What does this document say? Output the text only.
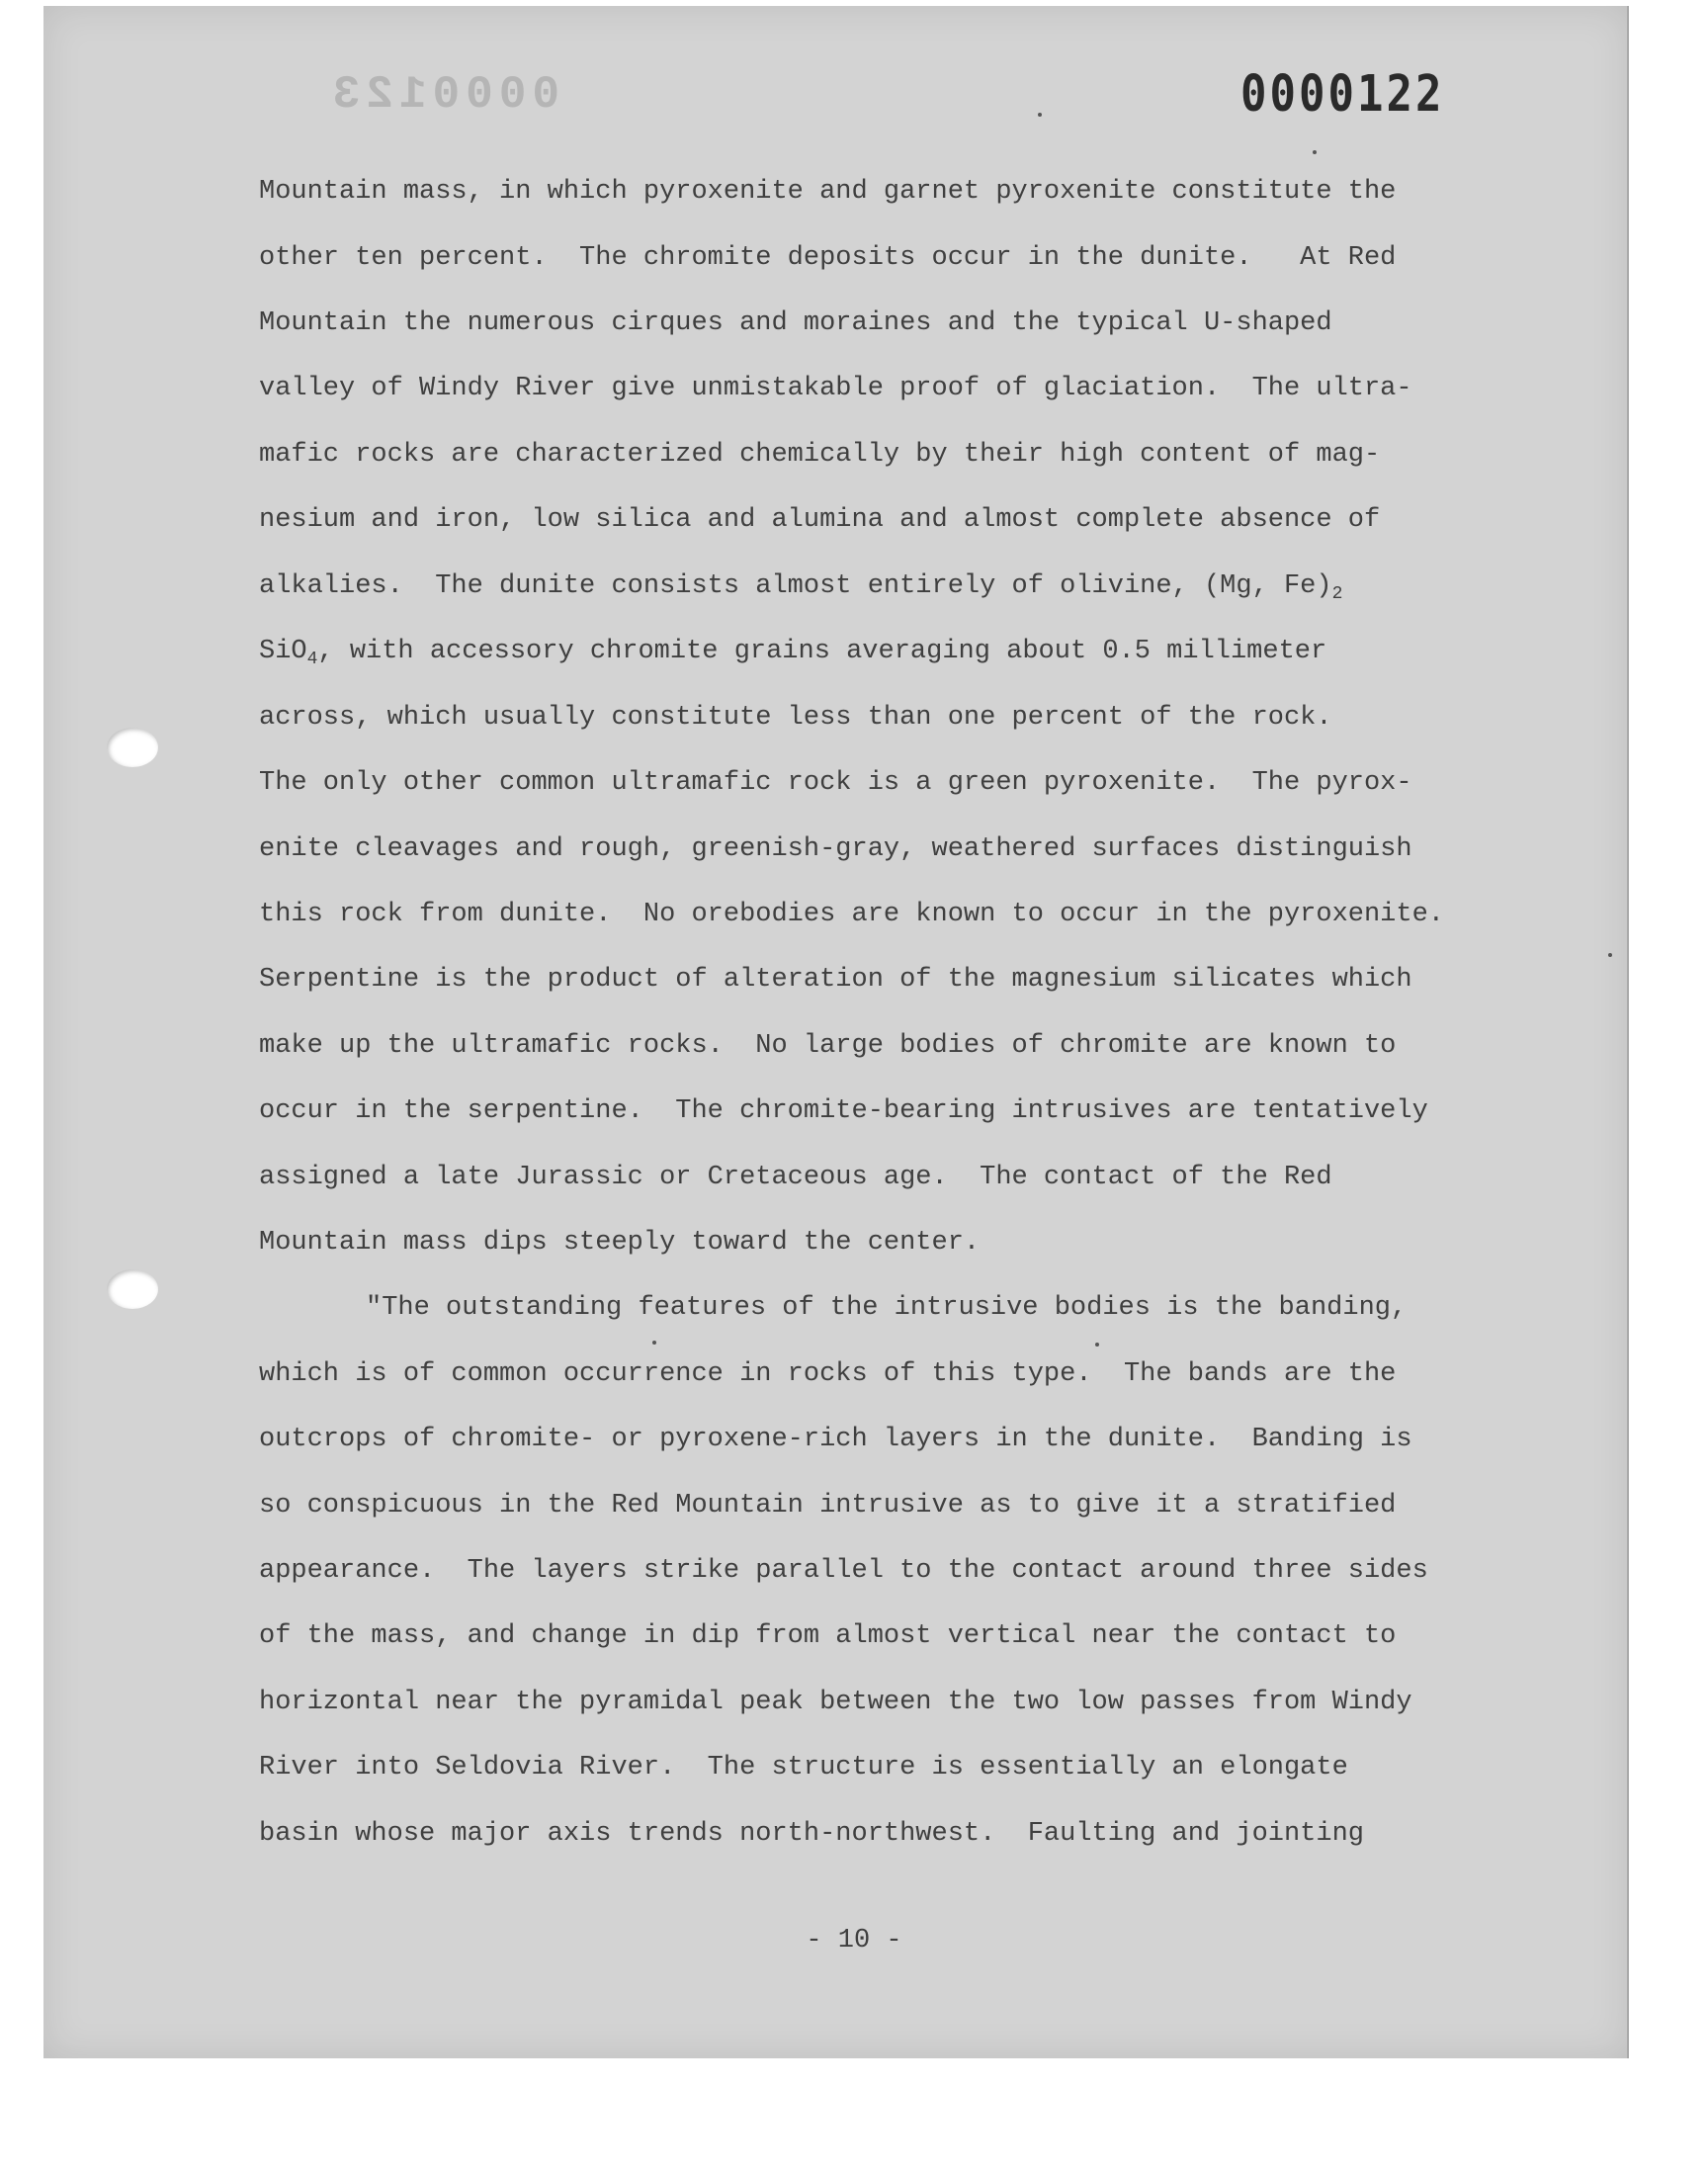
0000123	0000122
Mountain mass, in which pyroxenite and garnet pyroxenite constitute the
other ten percent.  The chromite deposits occur in the dunite.   At Red
Mountain the numerous cirques and moraines and the typical U-shaped
valley of Windy River give unmistakable proof of glaciation.  The ultra-
mafic rocks are characterized chemically by their high content of mag-
nesium and iron, low silica and alumina and almost complete absence of
alkalies.  The dunite consists almost entirely of olivine, (Mg, $Fe)_2$
SiO$_4$, with accessory chromite grains averaging about 0.5 millimeter
across, which usually constitute less than one percent of the rock.
The only other common ultramafic rock is a green pyroxenite.  The pyrox-
enite cleavages and rough, greenish-gray, weathered surfaces distinguish
this rock from dunite.  No orebodies are known to occur in the pyroxenite.
Serpentine is the product of alteration of the magnesium silicates which
make up the ultramafic rocks.  No large bodies of chromite are known to
occur in the serpentine.  The chromite-bearing intrusives are tentatively
assigned a late Jurassic or Cretaceous age.  The contact of the Red
Mountain mass dips steeply toward the center.
"The outstanding features of the intrusive bodies is the banding,
which is of common occurrence in rocks of this type.  The bands are the
outcrops of chromite- or pyroxene-rich layers in the dunite.  Banding is
so conspicuous in the Red Mountain intrusive as to give it a stratified
appearance.  The layers strike parallel to the contact around three sides
of the mass, and change in dip from almost vertical near the contact to
horizontal near the pyramidal peak between the two low passes from Windy
River into Seldovia River.  The structure is essentially an elongate
basin whose major axis trends north-northwest.  Faulting and jointing
- 10 -
